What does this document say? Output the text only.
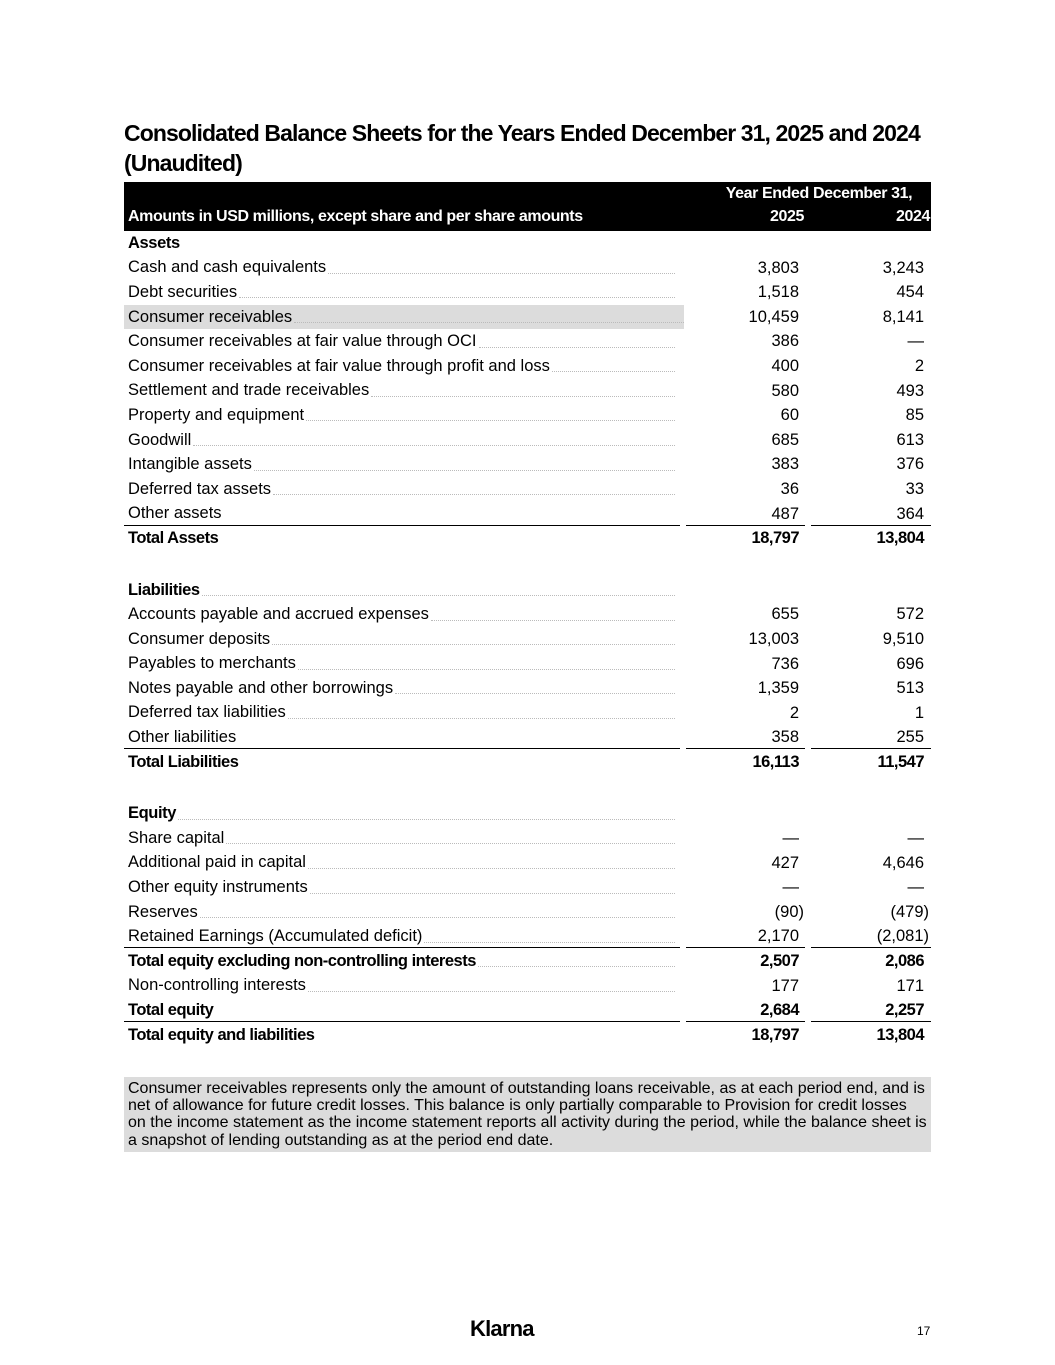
Consolidated Balance Sheets for the Years Ended December 31, 2025 and 2024 (Unaudited)
Amounts in USD millions, except share and per share amounts
Year Ended December 31,
2025	2024
Assets
Cash and cash equivalents	3,803	3,243
Debt securities	1,518	454
Consumer receivables	10,459	8,141
Consumer receivables at fair value through OCI	386	—
Consumer receivables at fair value through profit and loss	400	2
Settlement and trade receivables	580	493
Property and equipment	60	85
Goodwill	685	613
Intangible assets	383	376
Deferred tax assets	36	33
Other assets	487	364
Total Assets	18,797	13,804
Liabilities
Accounts payable and accrued expenses	655	572
Consumer deposits	13,003	9,510
Payables to merchants	736	696
Notes payable and other borrowings	1,359	513
Deferred tax liabilities	2	1
Other liabilities	358	255
Total Liabilities	16,113	11,547
Equity
Share capital	—	—
Additional paid in capital	427	4,646
Other equity instruments	—	—
Reserves	(90)	(479)
Retained Earnings (Accumulated deficit)	2,170	(2,081)
Total equity excluding non-controlling interests	2,507	2,086
Non-controlling interests	177	171
Total equity	2,684	2,257
Total equity and liabilities	18,797	13,804
Consumer receivables represents only the amount of outstanding loans receivable, as at each period end, and is net of allowance for future credit losses. This balance is only partially comparable to Provision for credit losses on the income statement as the income statement reports all activity during the period, while the balance sheet is a snapshot of lending outstanding as at the period end date.
Klarna	17
